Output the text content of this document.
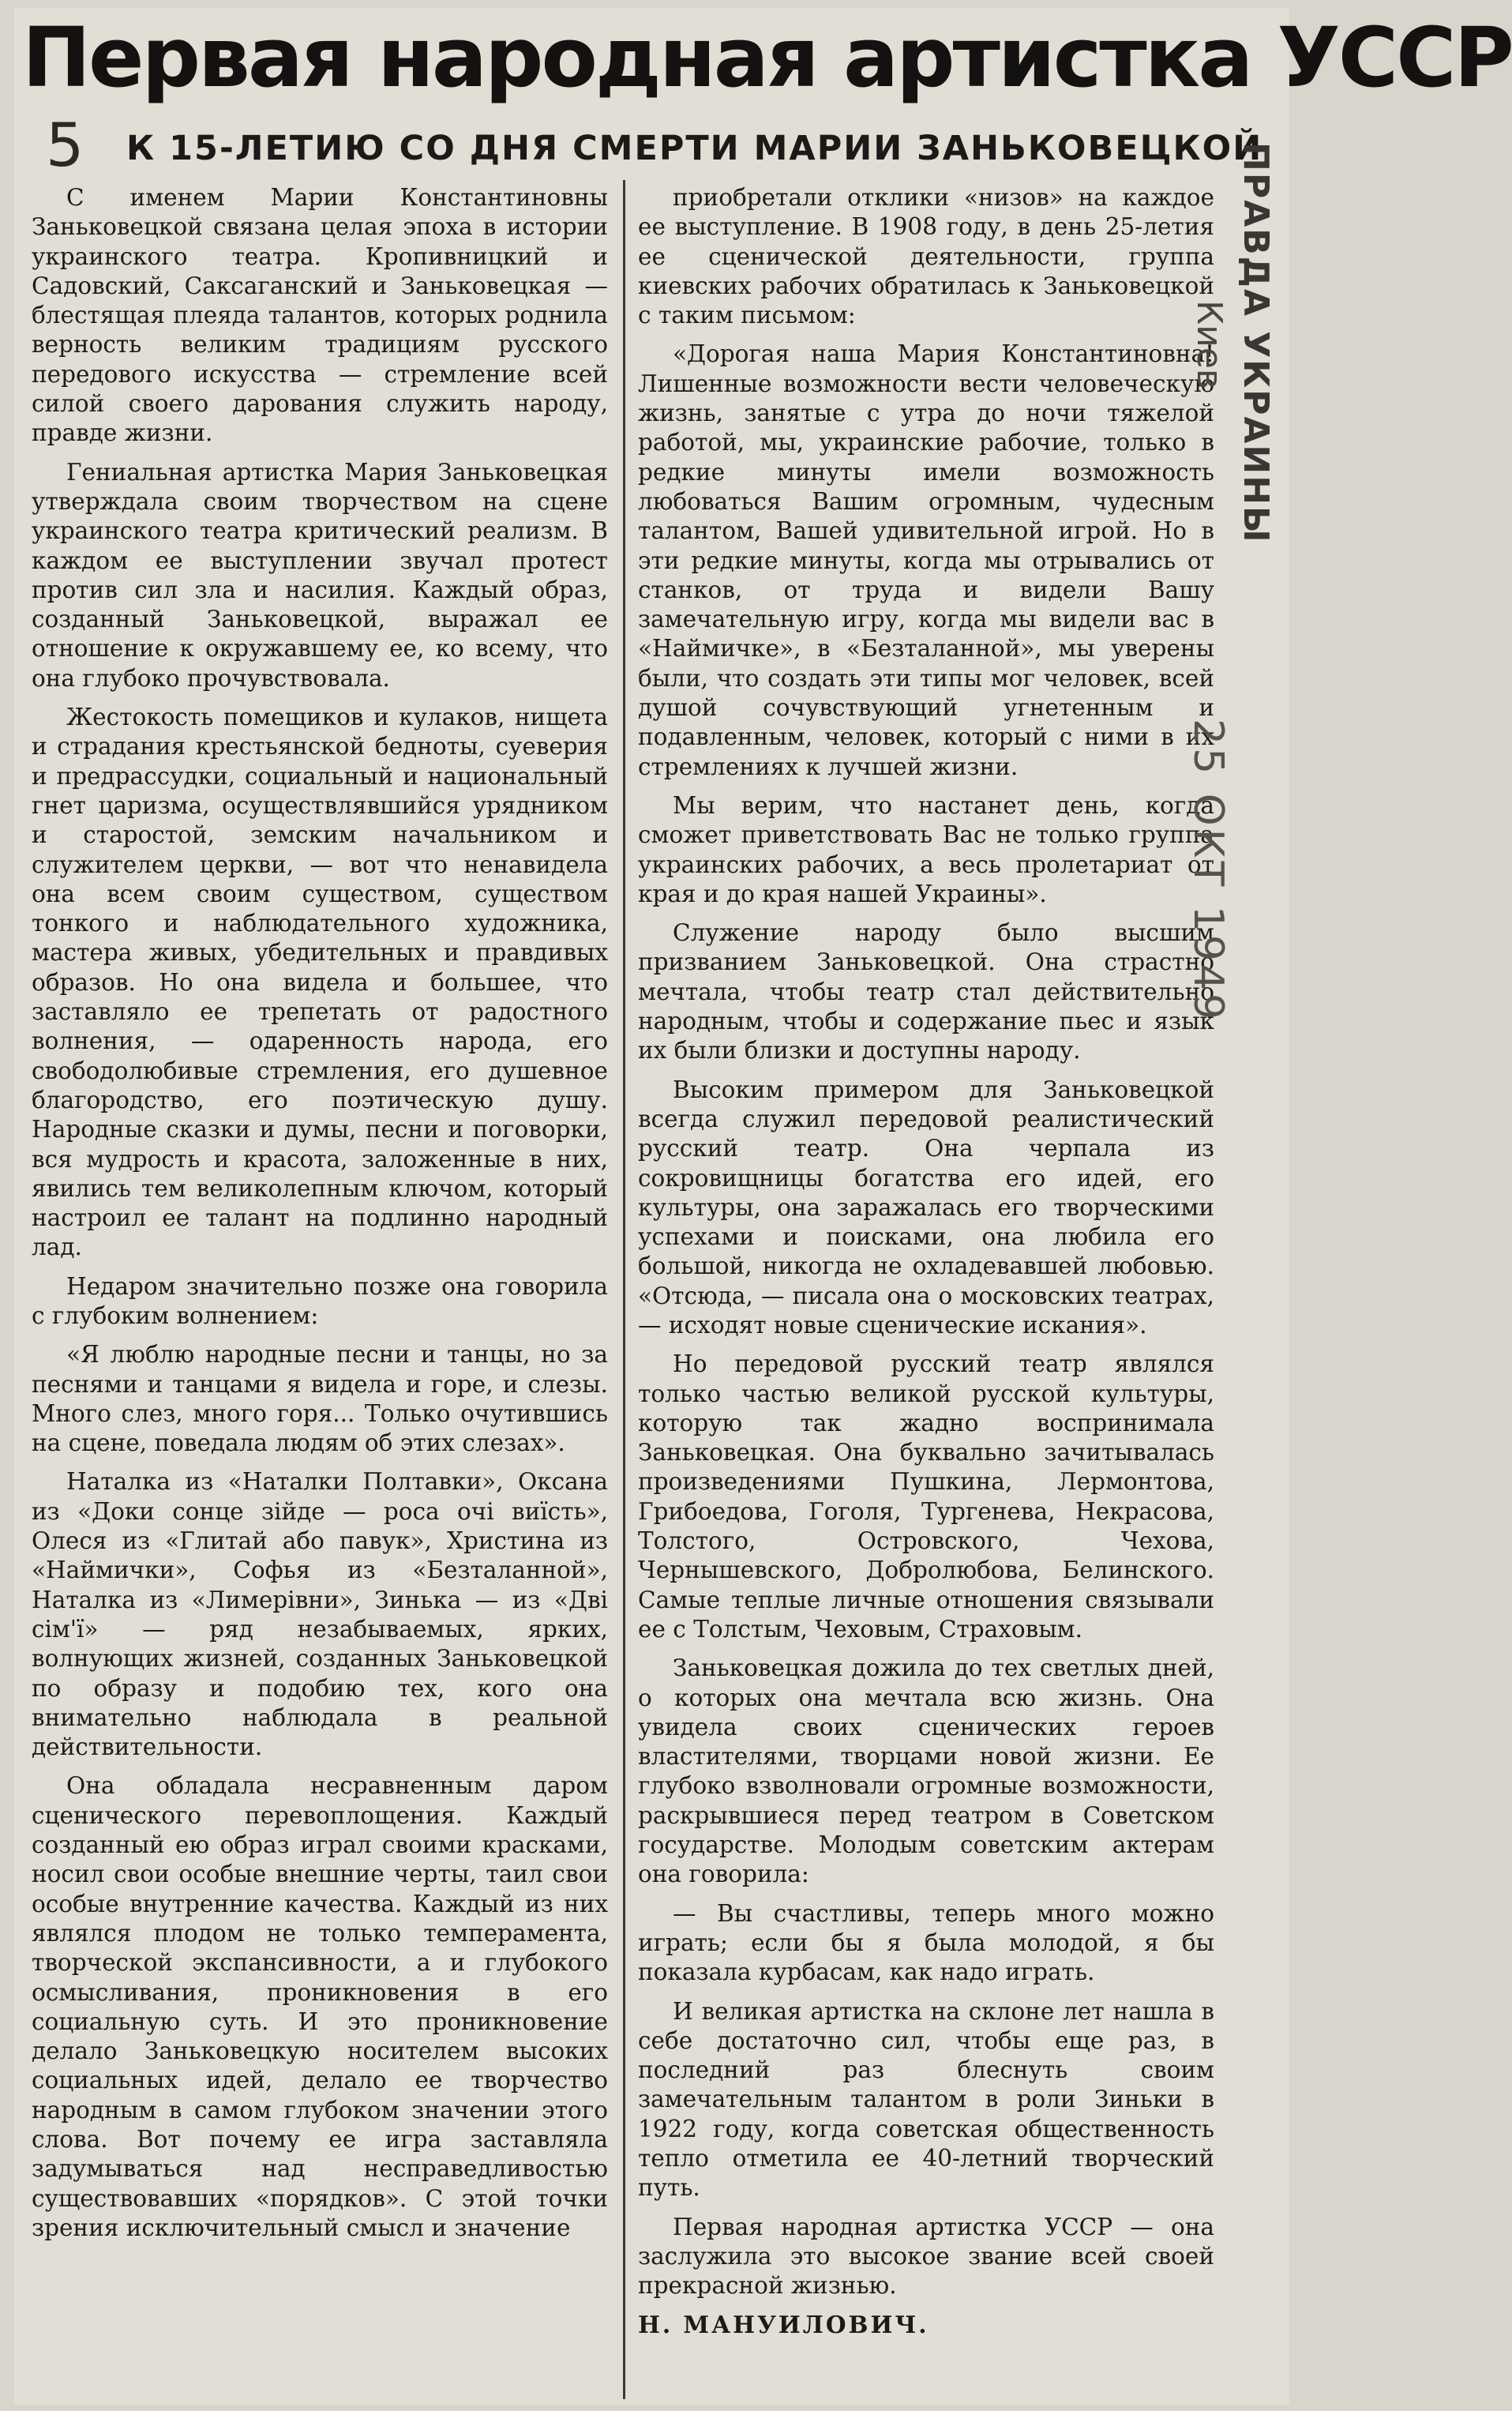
Первая народная артистка УССР
5 К 15-ЛЕТИЮ СО ДНЯ СМЕРТИ МАРИИ ЗАНЬКОВЕЦКОЙ

С именем Марии Константиновны Заньковецкой связана целая эпоха в истории украинского театра. Кропивницкий и Садовский, Саксаганский и Заньковецкая — блестящая плеяда талантов, которых роднила верность великим традициям русского передового искусства — стремление всей силой своего дарования служить народу, правде жизни.

Гениальная артистка Мария Заньковецкая утверждала своим творчеством на сцене украинского театра критический реализм. В каждом ее выступлении звучал протест против сил зла и насилия. Каждый образ, созданный Заньковецкой, выражал ее отношение к окружавшему ее, ко всему, что она глубоко прочувствовала.

Жестокость помещиков и кулаков, нищета и страдания крестьянской бедноты, суеверия и предрассудки, социальный и национальный гнет царизма, осуществлявшийся урядником и старостой, земским начальником и служителем церкви, — вот что ненавидела она всем своим существом, существом тонкого и наблюдательного художника, мастера живых, убедительных и правдивых образов. Но она видела и большее, что заставляло ее трепетать от радостного волнения, — одаренность народа, его свободолюбивые стремления, его душевное благородство, его поэтическую душу. Народные сказки и думы, песни и поговорки, вся мудрость и красота, заложенные в них, явились тем великолепным ключом, который настроил ее талант на подлинно народный лад.

Недаром значительно позже она говорила с глубоким волнением:

«Я люблю народные песни и танцы, но за песнями и танцами я видела и горе, и слезы. Много слез, много горя... Только очутившись на сцене, поведала людям об этих слезах».

Наталка из «Наталки Полтавки», Оксана из «Доки сонце зійде — роса очі виїсть», Олеся из «Глитай або павук», Христина из «Наймички», Софья из «Безталанной», Наталка из «Лимерівни», Зинька — из «Дві сім'ї» — ряд незабываемых, ярких, волнующих жизней, созданных Заньковецкой по образу и подобию тех, кого она внимательно наблюдала в реальной действительности.

Она обладала несравненным даром сценического перевоплощения. Каждый созданный ею образ играл своими красками, носил свои особые внешние черты, таил свои особые внутренние качества. Каждый из них являлся плодом не только темперамента, творческой экспансивности, а и глубокого осмысливания, проникновения в его социальную суть. И это проникновение делало Заньковецкую носителем высоких социальных идей, делало ее творчество народным в самом глубоком значении этого слова. Вот почему ее игра заставляла задумываться над несправедливостью существовавших «порядков». С этой точки зрения исключительный смысл и значение

приобретали отклики «низов» на каждое ее выступление. В 1908 году, в день 25-летия ее сценической деятельности, группа киевских рабочих обратилась к Заньковецкой с таким письмом:

«Дорогая наша Мария Константиновна! Лишенные возможности вести человеческую жизнь, занятые с утра до ночи тяжелой работой, мы, украинские рабочие, только в редкие минуты имели возможность любоваться Вашим огромным, чудесным талантом, Вашей удивительной игрой. Но в эти редкие минуты, когда мы отрывались от станков, от труда и видели Вашу замечательную игру, когда мы видели вас в «Наймичке», в «Безталанной», мы уверены были, что создать эти типы мог человек, всей душой сочувствующий угнетенным и подавленным, человек, который с ними в их стремлениях к лучшей жизни.

Мы верим, что настанет день, когда сможет приветствовать Вас не только группа украинских рабочих, а весь пролетариат от края и до края нашей Украины».

Служение народу было высшим призванием Заньковецкой. Она страстно мечтала, чтобы театр стал действительно народным, чтобы и содержание пьес и язык их были близки и доступны народу.

Высоким примером для Заньковецкой всегда служил передовой реалистический русский театр. Она черпала из сокровищницы богатства его идей, его культуры, она заражалась его творческими успехами и поисками, она любила его большой, никогда не охладевавшей любовью. «Отсюда, — писала она о московских театрах, — исходят новые сценические искания».

Но передовой русский театр являлся только частью великой русской культуры, которую так жадно воспринимала Заньковецкая. Она буквально зачитывалась произведениями Пушкина, Лермонтова, Грибоедова, Гоголя, Тургенева, Некрасова, Толстого, Островского, Чехова, Чернышевского, Добролюбова, Белинского. Самые теплые личные отношения связывали ее с Толстым, Чеховым, Страховым.

Заньковецкая дожила до тех светлых дней, о которых она мечтала всю жизнь. Она увидела своих сценических героев властителями, творцами новой жизни. Ее глубоко взволновали огромные возможности, раскрывшиеся перед театром в Советском государстве. Молодым советским актерам она говорила:

— Вы счастливы, теперь много можно играть; если бы я была молодой, я бы показала курбасам, как надо играть.

И великая артистка на склоне лет нашла в себе достаточно сил, чтобы еще раз, в последний раз блеснуть своим замечательным талантом в роли Зиньки в 1922 году, когда советская общественность тепло отметила ее 40-летний творческий путь.

Первая народная артистка УССР — она заслужила это высокое звание всей своей прекрасной жизнью.

Н. МАНУИЛОВИЧ.

ПРАВДА УКРАИНЫ

Киев

25 ОКТ 1949
